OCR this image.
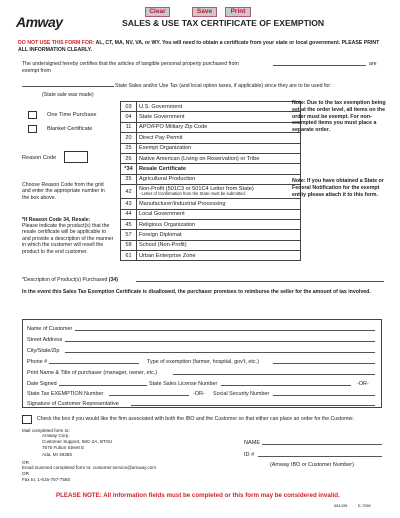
Clear	Save	Print
Amway	SALES & USE TAX CERTIFICATE OF EXEMPTION
DO NOT USE THIS FORM FOR: AL, CT, MA, NV, VA, or WY. You will need to obtain a certificate from your state or local government. PLEASE PRINT ALL INFORMATION CLEARLY.
The undersigned hereby certifies that the articles of tangible personal property purchased from	are
exempt from
State Sales and/or Use Tax (and local option taxes, if applicable) since they are to be used for:
(State sale was made)
One Time Purchase
Blanket Certificate
Reason Code
Choose Reason Code from the grid and enter the appropriate number in the box above.
*If Reason Code 34, Resale:
Please indicate the product(s) that the resale certificate will be applicable to and provide a description of the manner in which the customer will resell the product to the end customer.
03	U.S. Government
04	State Government
11	APO/FPO Military Zip Code
20	Direct Pay Permit
25	Exempt Organization
26	Native American (Living on Reservation) or Tribe
*34	Resale Certificate
35	Agricultural Production
42	Non-Profit (501C3 or 501C4 Letter from State)
- Letter of Confirmation from the State must be submitted.

43	Manufacturer/Industrial Processing
44	Local Government
45	Religious Organization
57	Foreign Diplomat
58	School (Non-Profit)
61	Urban Enterprise Zone
Note: Due to the tax exemption being set at the order level, all items on the order must be exempt. For non-exempted items you must place a separate order.
Note: If you have obtained a State or Federal Notification for the exempt entity please attach it to this form.
*Description of Product(s) Purchased (34)
In the event this Sales Tax Exemption Certificate is disallowed, the purchaser promises to reimburse the seller for the amount of tax involved.
Name of Customer
Street Address
City/State/Zip
Phone #	Type of exemption (farmer, hospital, gov't, etc.)
Print Name & Title of purchaser (manager, owner, etc.)
Date Signed	State Sales License Number	-OR-
State Tax EXEMPTION Number	-OR- Social Security Number
Signature of Customer Representative
Check the box if you would like the firm associated with both the IBO and the Customer so that either can place an order for the Customer.
Mail completed form to:
Amway Corp.
Customer Support, 58C-2A, BTSU
7575 Fulton Street E
Ada, MI 49355
OR
Email scanned completed form to: customer.service@amway.com
OR
Fax to: 1-616-787-7550
NAME
ID #
(Amway IBO or Customer Number)
PLEASE NOTE: All information fields must be completed or this form may be considered invalid.
081435	E-7550
